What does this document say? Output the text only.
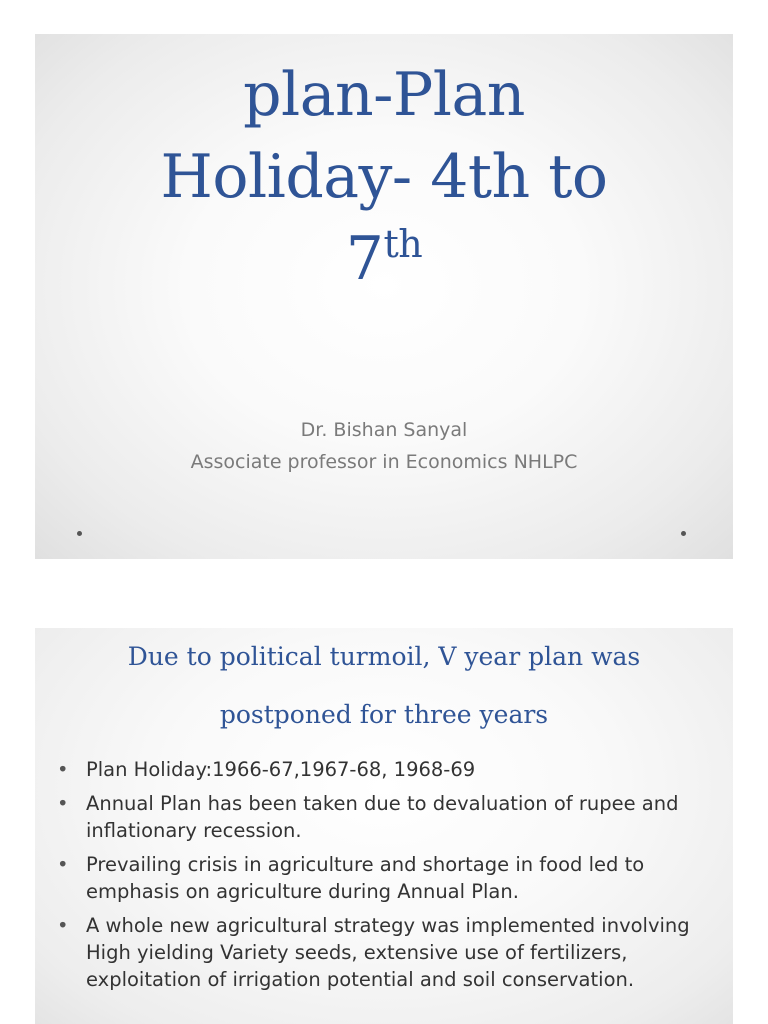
plan-Plan
Holiday- 4th to
7th
Dr. Bishan Sanyal
Associate professor in Economics NHLPC
Due to political turmoil, V year plan was
postponed for three years
• Plan Holiday:1966-67,1967-68, 1968-69
• Annual Plan has been taken due to devaluation of rupee and inflationary recession.
• Prevailing crisis in agriculture and shortage in food led to emphasis on agriculture during Annual Plan.
• A whole new agricultural strategy was implemented involving High yielding Variety seeds, extensive use of fertilizers, exploitation of irrigation potential and soil conservation.
